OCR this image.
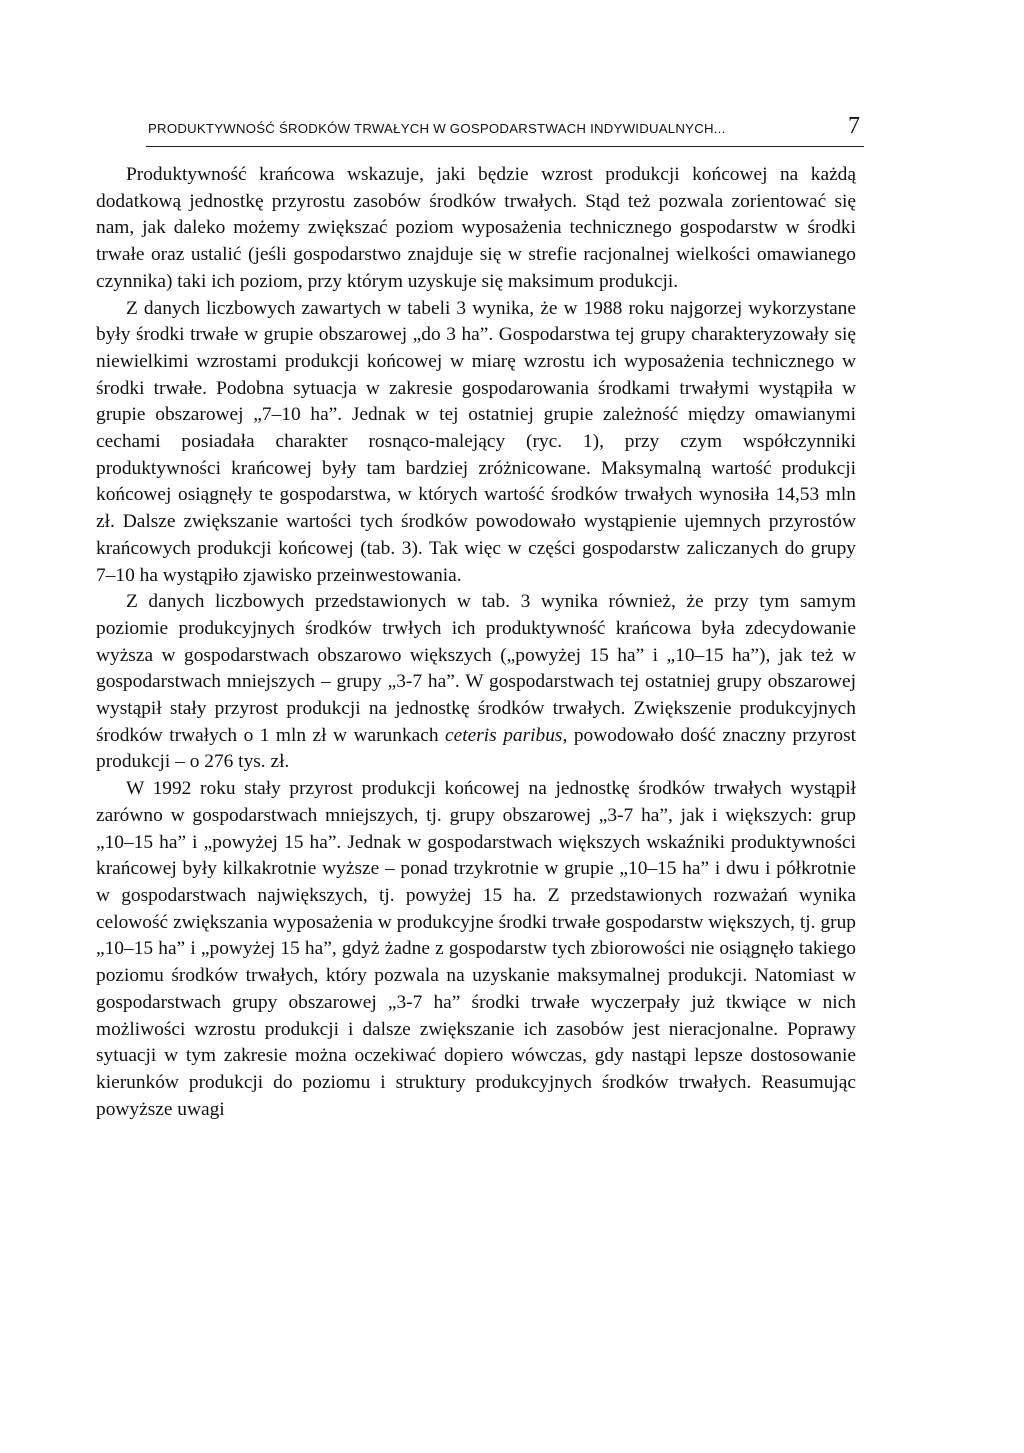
PRODUKTYWNOŚĆ ŚRODKÓW TRWAŁYCH W GOSPODARSTWACH INDYWIDUALNYCH...	7

Produktywność krańcowa wskazuje, jaki będzie wzrost produkcji końcowej na każdą dodatkową jednostkę przyrostu zasobów środków trwałych. Stąd też pozwala zorientować się nam, jak daleko możemy zwiększać poziom wyposażenia technicznego gospodarstw w środki trwałe oraz ustalić (jeśli gospodarstwo znajduje się w strefie racjonalnej wielkości omawianego czynnika) taki ich poziom, przy którym uzyskuje się maksimum produkcji.

Z danych liczbowych zawartych w tabeli 3 wynika, że w 1988 roku najgorzej wykorzystane były środki trwałe w grupie obszarowej „do 3 ha”. Gospodarstwa tej grupy charakteryzowały się niewielkimi wzrostami produkcji końcowej w miarę wzrostu ich wyposażenia technicznego w środki trwałe. Podobna sytuacja w zakresie gospodarowania środkami trwałymi wystąpiła w grupie obszarowej „7–10 ha”. Jednak w tej ostatniej grupie zależność między omawianymi cechami posiadała charakter rosnąco-malejący (ryc. 1), przy czym współczynniki produktywności krańcowej były tam bardziej zróżnicowane. Maksymalną wartość produkcji końcowej osiągnęły te gospodarstwa, w których wartość środków trwałych wynosiła 14,53 mln zł. Dalsze zwiększanie wartości tych środków powodowało wystąpienie ujemnych przyrostów krańcowych produkcji końcowej (tab. 3). Tak więc w części gospodarstw zaliczanych do grupy 7–10 ha wystąpiło zjawisko przeinwestowania.

Z danych liczbowych przedstawionych w tab. 3 wynika również, że przy tym samym poziomie produkcyjnych środków trwłych ich produktywność krańcowa była zdecydowanie wyższa w gospodarstwach obszarowo większych („powyżej 15 ha” i „10–15 ha”), jak też w gospodarstwach mniejszych – grupy „3-7 ha”. W gospodarstwach tej ostatniej grupy obszarowej wystąpił stały przyrost produkcji na jednostkę środków trwałych. Zwiększenie produkcyjnych środków trwałych o 1 mln zł w warunkach ceteris paribus, powodowało dość znaczny przyrost produkcji – o 276 tys. zł.

W 1992 roku stały przyrost produkcji końcowej na jednostkę środków trwałych wystąpił zarówno w gospodarstwach mniejszych, tj. grupy obszarowej „3-7 ha”, jak i większych: grup „10–15 ha” i „powyżej 15 ha”. Jednak w gospodarstwach większych wskaźniki produktywności krańcowej były kilkakrotnie wyższe – ponad trzykrotnie w grupie „10–15 ha” i dwu i półkrotnie w gospodarstwach największych, tj. powyżej 15 ha. Z przedstawionych rozważań wynika celowość zwiększania wyposażenia w produkcyjne środki trwałe gospodarstw większych, tj. grup „10–15 ha” i „powyżej 15 ha”, gdyż żadne z gospodarstw tych zbiorowości nie osiągnęło takiego poziomu środków trwałych, który pozwala na uzyskanie maksymalnej produkcji. Natomiast w gospodarstwach grupy obszarowej „3-7 ha” środki trwałe wyczerpały już tkwiące w nich możliwości wzrostu produkcji i dalsze zwiększanie ich zasobów jest nieracjonalne. Poprawy sytuacji w tym zakresie można oczekiwać dopiero wówczas, gdy nastąpi lepsze dostosowanie kierunków produkcji do poziomu i struktury produkcyjnych środków trwałych. Reasumując powyższe uwagi
